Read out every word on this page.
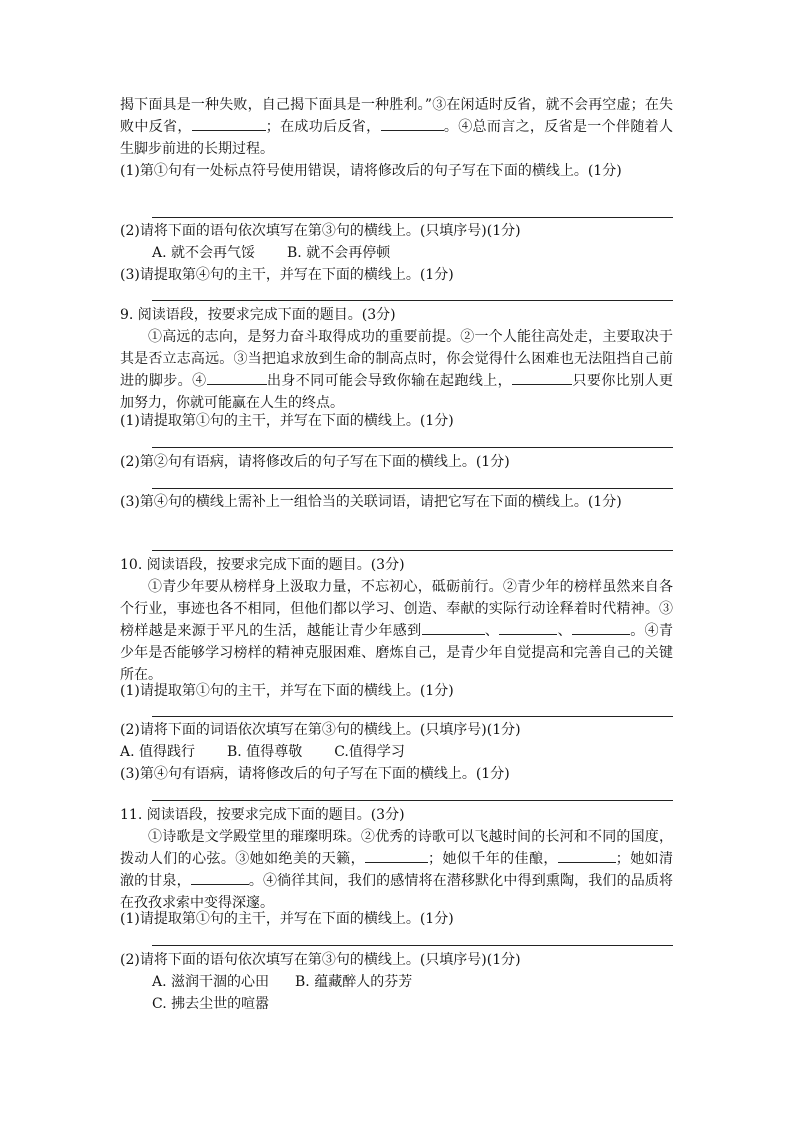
揭下面具是一种失败，自己揭下面具是一种胜利。”③在闲适时反省，就不会再空虚；在失败中反省，	；在成功后反省，	。④总而言之，反省是一个伴随着人生脚步前进的长期过程。

(1)第①句有一处标点符号使用错误，请将修改后的句子写在下面的横线上。(1分)

(2)请将下面的语句依次填写在第③句的横线上。(只填序号)(1分)

A. 就不会再气馁 B. 就不会再停顿

(3)请提取第④句的主干，并写在下面的横线上。(1分)

9. 阅读语段，按要求完成下面的题目。(3分)

①高远的志向，是努力奋斗取得成功的重要前提。②一个人能往高处走，主要取决于其是否立志高远。③当把追求放到生命的制高点时，你会觉得什么困难也无法阻挡自己前进的脚步。④	出身不同可能会导致你输在起跑线上，	只要你比别人更加努力，你就可能赢在人生的终点。

(1)请提取第①句的主干，并写在下面的横线上。(1分)

(2)第②句有语病，请将修改后的句子写在下面的横线上。(1分)

(3)第④句的横线上需补上一组恰当的关联词语，请把它写在下面的横线上。(1分)

10. 阅读语段，按要求完成下面的题目。(3分)

①青少年要从榜样身上汲取力量，不忘初心，砥砺前行。②青少年的榜样虽然来自各个行业，事迹也各不相同，但他们都以学习、创造、奉献的实际行动诠释着时代精神。③榜样越是来源于平凡的生活，越能让青少年感到	、	、	。④青少年是否能够学习榜样的精神克服困难、磨炼自己，是青少年自觉提高和完善自己的关键所在。

(1)请提取第①句的主干，并写在下面的横线上。(1分)

(2)请将下面的词语依次填写在第③句的横线上。(只填序号)(1分)

A. 值得践行 B. 值得尊敬 C.值得学习

(3)第④句有语病，请将修改后的句子写在下面的横线上。(1分)

11. 阅读语段，按要求完成下面的题目。(3分)

①诗歌是文学殿堂里的璀璨明珠。②优秀的诗歌可以飞越时间的长河和不同的国度，拨动人们的心弦。③她如绝美的天籁，	；她似千年的佳酿，	；她如清澈的甘泉，	。④徜徉其间，我们的感情将在潜移默化中得到熏陶，我们的品质将在孜孜求索中变得深邃。

(1)请提取第①句的主干，并写在下面的横线上。(1分)

(2)请将下面的语句依次填写在第③句的横线上。(只填序号)(1分)

A. 滋润干涸的心田 B. 蕴藏醉人的芬芳

C. 拂去尘世的喧嚣
